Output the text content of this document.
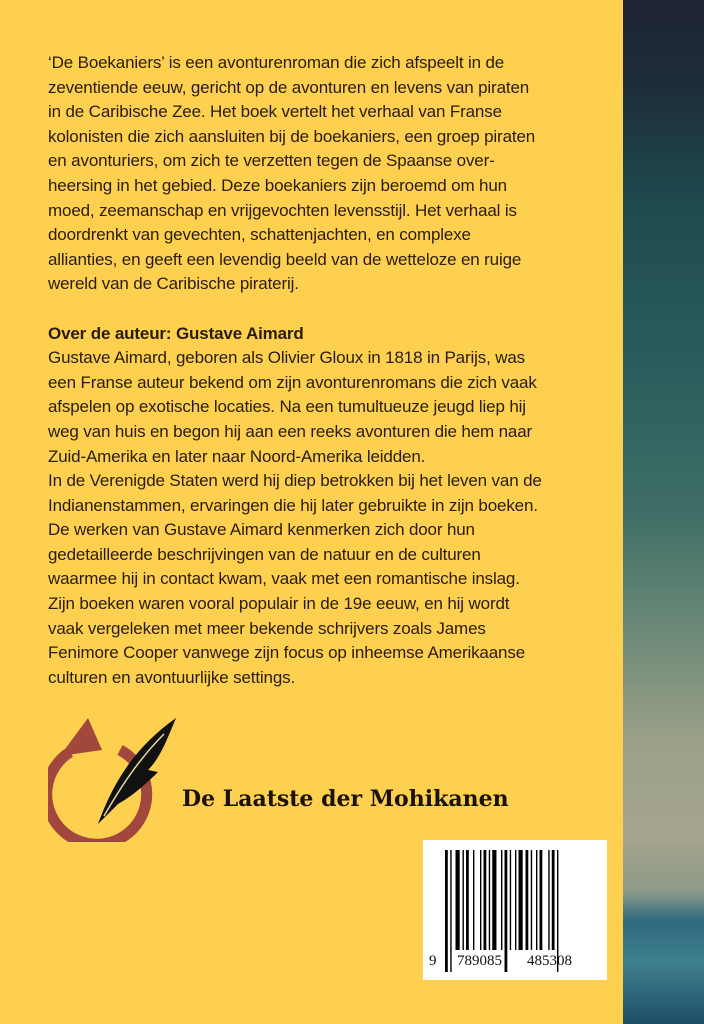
‘De Boekaniers’ is een avonturenroman die zich afspeelt in de
zeventiende eeuw, gericht op de avonturen en levens van piraten
in de Caribische Zee. Het boek vertelt het verhaal van Franse
kolonisten die zich aansluiten bij de boekaniers, een groep piraten
en avonturiers, om zich te verzetten tegen de Spaanse over-
heersing in het gebied. Deze boekaniers zijn beroemd om hun
moed, zeemanschap en vrijgevochten levensstijl. Het verhaal is
doordrenkt van gevechten, schattenjachten, en complexe
allianties, en geeft een levendig beeld van de wetteloze en ruige
wereld van de Caribische piraterij.
Over de auteur: Gustave Aimard
Gustave Aimard, geboren als Olivier Gloux in 1818 in Parijs, was
een Franse auteur bekend om zijn avonturenromans die zich vaak
afspelen op exotische locaties. Na een tumultueuze jeugd liep hij
weg van huis en begon hij aan een reeks avonturen die hem naar
Zuid-Amerika en later naar Noord-Amerika leidden.
In de Verenigde Staten werd hij diep betrokken bij het leven van de
Indianenstammen, ervaringen die hij later gebruikte in zijn boeken.
De werken van Gustave Aimard kenmerken zich door hun
gedetailleerde beschrijvingen van de natuur en de culturen
waarmee hij in contact kwam, vaak met een romantische inslag.
Zijn boeken waren vooral populair in de 19e eeuw, en hij wordt
vaak vergeleken met meer bekende schrijvers zoals James
Fenimore Cooper vanwege zijn focus op inheemse Amerikaanse
culturen en avontuurlijke settings.
De Laatste der Mohikanen
9 789085 485308
